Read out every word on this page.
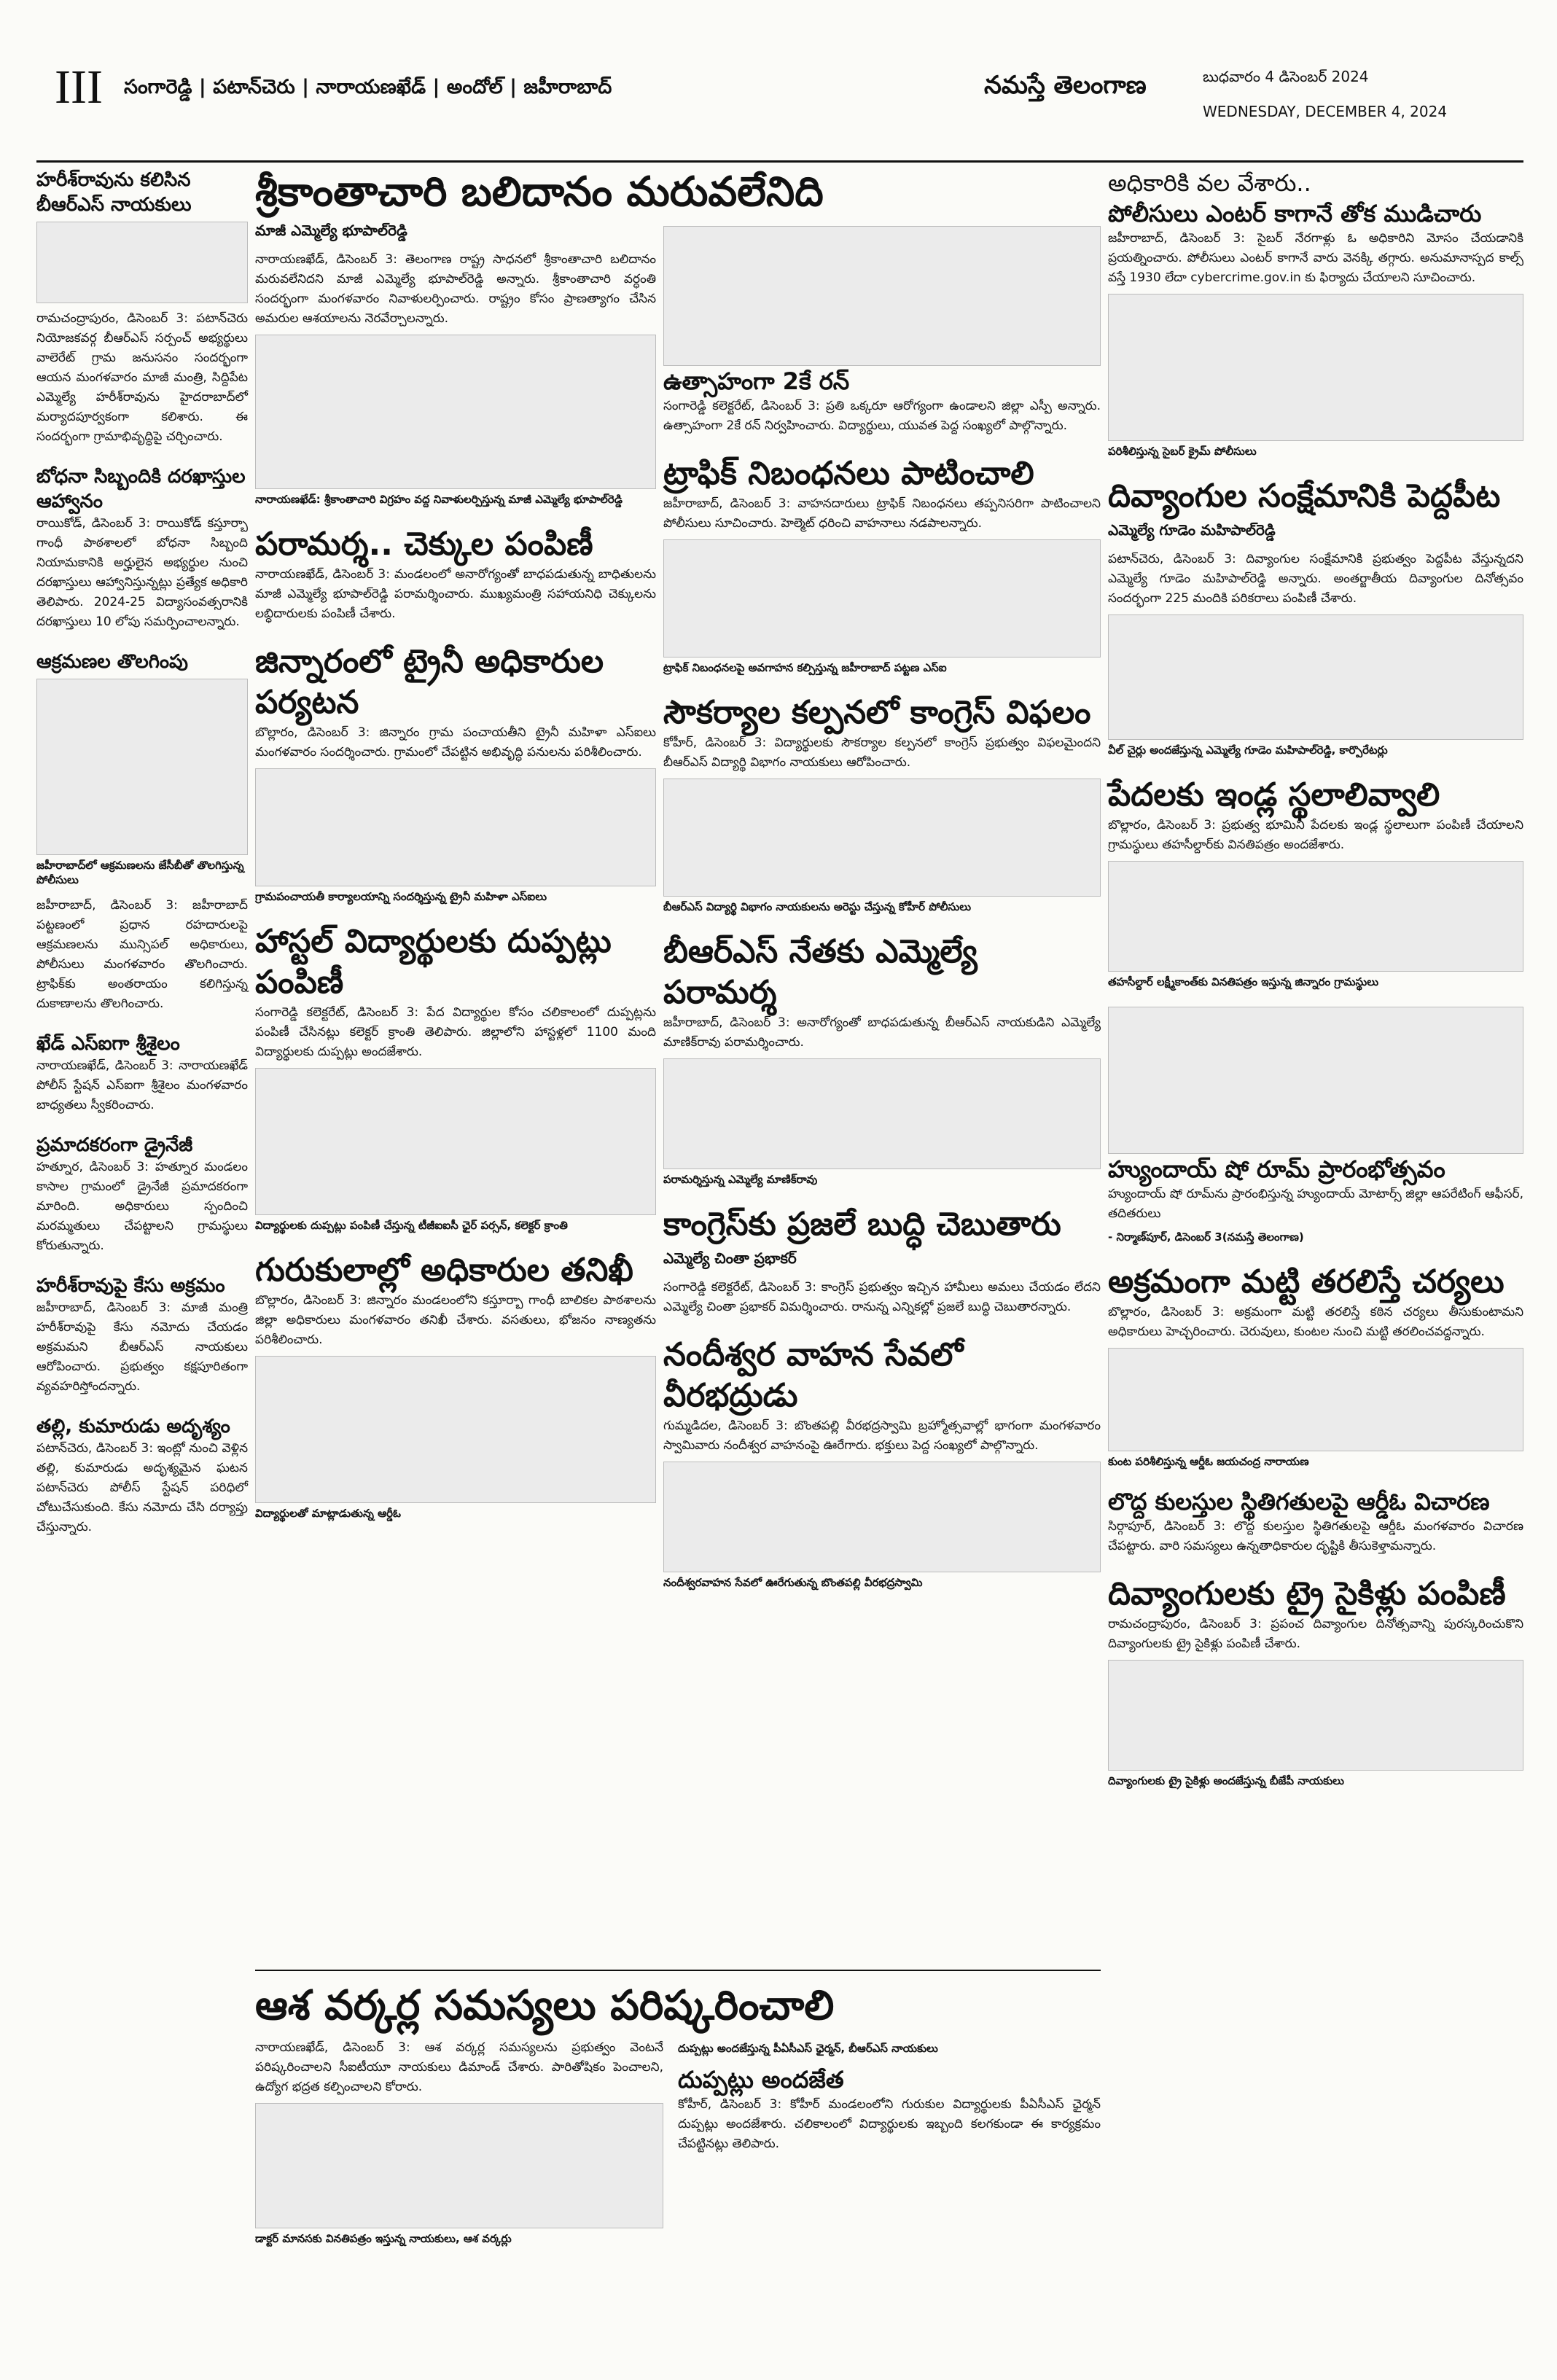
III సంగారెడ్డి | పటాన్‌చెరు | నారాయణఖేడ్ | అందోల్ | జహీరాబాద్	నమస్తే తెలంగాణ	బుధవారం 4 డిసెంబర్ 2024
WEDNESDAY, DECEMBER 4, 2024
హరీశ్‌రావును కలిసిన బీఆర్‌ఎస్ నాయకులు

రామచంద్రాపురం, డిసెంబర్ 3: పటాన్‌చెరు నియోజకవర్గ బీఆర్‌ఎస్ సర్పంచ్ అభ్యర్థులు వాలెరేట్ గ్రామ జనుసనం సందర్భంగా ఆయన మంగళవారం మాజీ మంత్రి, సిద్దిపేట ఎమ్మెల్యే హరీశ్‌రావును హైదరాబాద్‌లో మర్యాదపూర్వకంగా కలిశారు. ఈ సందర్భంగా గ్రామాభివృద్ధిపై చర్చించారు.

బోధనా సిబ్బందికి దరఖాస్తుల ఆహ్వానం

రాయికోడ్, డిసెంబర్ 3: రాయికోడ్ కస్తూర్బా గాంధీ పాఠశాలలో బోధనా సిబ్బంది నియామకానికి అర్హులైన అభ్యర్థుల నుంచి దరఖాస్తులు ఆహ్వానిస్తున్నట్లు ప్రత్యేక అధికారి తెలిపారు. 2024-25 విద్యాసంవత్సరానికి దరఖాస్తులు 10 లోపు సమర్పించాలన్నారు.

ఆక్రమణల తొలగింపు
జహీరాబాద్‌లో ఆక్రమణలను జేసీబీతో తొలగిస్తున్న పోలీసులు

జహీరాబాద్, డిసెంబర్ 3: జహీరాబాద్ పట్టణంలో ప్రధాన రహదారులపై ఆక్రమణలను మున్సిపల్ అధికారులు, పోలీసులు మంగళవారం తొలగించారు. ట్రాఫిక్‌కు అంతరాయం కలిగిస్తున్న దుకాణాలను తొలగించారు.

ఖేడ్ ఎస్‌ఐగా శ్రీశైలం

నారాయణఖేడ్, డిసెంబర్ 3: నారాయణఖేడ్ పోలీస్ స్టేషన్ ఎస్‌ఐగా శ్రీశైలం మంగళవారం బాధ్యతలు స్వీకరించారు.

ప్రమాదకరంగా డ్రైనేజీ

హత్నూర, డిసెంబర్ 3: హత్నూర మండలం కాసాల గ్రామంలో డ్రైనేజీ ప్రమాదకరంగా మారింది. అధికారులు స్పందించి మరమ్మతులు చేపట్టాలని గ్రామస్థులు కోరుతున్నారు.

హరీశ్‌రావుపై కేసు అక్రమం

జహీరాబాద్, డిసెంబర్ 3: మాజీ మంత్రి హరీశ్‌రావుపై కేసు నమోదు చేయడం అక్రమమని బీఆర్‌ఎస్ నాయకులు ఆరోపించారు. ప్రభుత్వం కక్షపూరితంగా వ్యవహరిస్తోందన్నారు.

తల్లి, కుమారుడు అదృశ్యం

పటాన్‌చెరు, డిసెంబర్ 3: ఇంట్లో నుంచి వెళ్లిన తల్లి, కుమారుడు అదృశ్యమైన ఘటన పటాన్‌చెరు పోలీస్ స్టేషన్ పరిధిలో చోటుచేసుకుంది. కేసు నమోదు చేసి దర్యాప్తు చేస్తున్నారు.

శ్రీకాంతాచారి బలిదానం మరువలేనిది
మాజీ ఎమ్మెల్యే భూపాల్‌రెడ్డి

నారాయణఖేడ్, డిసెంబర్ 3: తెలంగాణ రాష్ట్ర సాధనలో శ్రీకాంతాచారి బలిదానం మరువలేనిదని మాజీ ఎమ్మెల్యే భూపాల్‌రెడ్డి అన్నారు. శ్రీకాంతాచారి వర్ధంతి సందర్భంగా మంగళవారం నివాళులర్పించారు. రాష్ట్రం కోసం ప్రాణత్యాగం చేసిన అమరుల ఆశయాలను నెరవేర్చాలన్నారు.

నారాయణఖేడ్: శ్రీకాంతాచారి విగ్రహం వద్ద నివాళులర్పిస్తున్న మాజీ ఎమ్మెల్యే భూపాల్‌రెడ్డి
పరామర్శ.. చెక్కుల పంపిణీ

నారాయణఖేడ్, డిసెంబర్ 3: మండలంలో అనారోగ్యంతో బాధపడుతున్న బాధితులను మాజీ ఎమ్మెల్యే భూపాల్‌రెడ్డి పరామర్శించారు. ముఖ్యమంత్రి సహాయనిధి చెక్కులను లబ్ధిదారులకు పంపిణీ చేశారు.

జిన్నారంలో ట్రైనీ అధికారుల పర్యటన

బొల్లారం, డిసెంబర్ 3: జిన్నారం గ్రామ పంచాయతీని ట్రైనీ మహిళా ఎస్‌ఐలు మంగళవారం సందర్శించారు. గ్రామంలో చేపట్టిన అభివృద్ధి పనులను పరిశీలించారు.

గ్రామపంచాయతీ కార్యాలయాన్ని సందర్శిస్తున్న ట్రైనీ మహిళా ఎస్‌ఐలు
హాస్టల్ విద్యార్థులకు దుప్పట్లు పంపిణీ

సంగారెడ్డి కలెక్టరేట్, డిసెంబర్ 3: పేద విద్యార్థుల కోసం చలికాలంలో దుప్పట్లను పంపిణీ చేసినట్లు కలెక్టర్ క్రాంతి తెలిపారు. జిల్లాలోని హాస్టళ్లలో 1100 మంది విద్యార్థులకు దుప్పట్లు అందజేశారు.

విద్యార్థులకు దుప్పట్లు పంపిణీ చేస్తున్న టీజీఐఐసీ ఛైర్ పర్సన్, కలెక్టర్ క్రాంతి
గురుకులాల్లో అధికారుల తనిఖీ

బొల్లారం, డిసెంబర్ 3: జిన్నారం మండలంలోని కస్తూర్బా గాంధీ బాలికల పాఠశాలను జిల్లా అధికారులు మంగళవారం తనిఖీ చేశారు. వసతులు, భోజనం నాణ్యతను పరిశీలించారు.

విద్యార్థులతో మాట్లాడుతున్న ఆర్డీఓ
ఉత్సాహంగా 2కే రన్

సంగారెడ్డి కలెక్టరేట్, డిసెంబర్ 3: ప్రతి ఒక్కరూ ఆరోగ్యంగా ఉండాలని జిల్లా ఎస్పీ అన్నారు. ఉత్సాహంగా 2కే రన్ నిర్వహించారు. విద్యార్థులు, యువత పెద్ద సంఖ్యలో పాల్గొన్నారు.

ట్రాఫిక్ నిబంధనలు పాటించాలి

జహీరాబాద్, డిసెంబర్ 3: వాహనదారులు ట్రాఫిక్ నిబంధనలు తప్పనిసరిగా పాటించాలని పోలీసులు సూచించారు. హెల్మెట్ ధరించి వాహనాలు నడపాలన్నారు.

ట్రాఫిక్ నిబంధనలపై అవగాహన కల్పిస్తున్న జహీరాబాద్ పట్టణ ఎస్‌ఐ
సౌకర్యాల కల్పనలో కాంగ్రెస్ విఫలం

కోహీర్, డిసెంబర్ 3: విద్యార్థులకు సౌకర్యాల కల్పనలో కాంగ్రెస్ ప్రభుత్వం విఫలమైందని బీఆర్‌ఎస్ విద్యార్థి విభాగం నాయకులు ఆరోపించారు.

బీఆర్‌ఎస్ విద్యార్థి విభాగం నాయకులను అరెస్టు చేస్తున్న కోహీర్ పోలీసులు
బీఆర్‌ఎస్ నేతకు ఎమ్మెల్యే పరామర్శ

జహీరాబాద్, డిసెంబర్ 3: అనారోగ్యంతో బాధపడుతున్న బీఆర్‌ఎస్ నాయకుడిని ఎమ్మెల్యే మాణిక్‌రావు పరామర్శించారు.

పరామర్శిస్తున్న ఎమ్మెల్యే మాణిక్‌రావు
కాంగ్రెస్‌కు ప్రజలే బుద్ధి చెబుతారు
ఎమ్మెల్యే చింతా ప్రభాకర్

సంగారెడ్డి కలెక్టరేట్, డిసెంబర్ 3: కాంగ్రెస్ ప్రభుత్వం ఇచ్చిన హామీలు అమలు చేయడం లేదని ఎమ్మెల్యే చింతా ప్రభాకర్ విమర్శించారు. రానున్న ఎన్నికల్లో ప్రజలే బుద్ధి చెబుతారన్నారు.

నందీశ్వర వాహన సేవలో వీరభద్రుడు

గుమ్మడిదల, డిసెంబర్ 3: బొంతపల్లి వీరభద్రస్వామి బ్రహ్మోత్సవాల్లో భాగంగా మంగళవారం స్వామివారు నందీశ్వర వాహనంపై ఊరేగారు. భక్తులు పెద్ద సంఖ్యలో పాల్గొన్నారు.

నందీశ్వరవాహన సేవలో ఊరేగుతున్న బొంతపల్లి వీరభద్రస్వామి
అధికారికి వల వేశారు..
పోలీసులు ఎంటర్ కాగానే తోక ముడిచారు

జహీరాబాద్, డిసెంబర్ 3: సైబర్ నేరగాళ్లు ఓ అధికారిని మోసం చేయడానికి ప్రయత్నించారు. పోలీసులు ఎంటర్ కాగానే వారు వెనక్కి తగ్గారు. అనుమానాస్పద కాల్స్ వస్తే 1930 లేదా cybercrime.gov.in కు ఫిర్యాదు చేయాలని సూచించారు.

పరిశీలిస్తున్న సైబర్ క్రైమ్ పోలీసులు
దివ్యాంగుల సంక్షేమానికి పెద్దపీట
ఎమ్మెల్యే గూడెం మహిపాల్‌రెడ్డి

పటాన్‌చెరు, డిసెంబర్ 3: దివ్యాంగుల సంక్షేమానికి ప్రభుత్వం పెద్దపీట వేస్తున్నదని ఎమ్మెల్యే గూడెం మహిపాల్‌రెడ్డి అన్నారు. అంతర్జాతీయ దివ్యాంగుల దినోత్సవం సందర్భంగా 225 మందికి పరికరాలు పంపిణీ చేశారు.

వీల్ చైర్లు అందజేస్తున్న ఎమ్మెల్యే గూడెం మహిపాల్‌రెడ్డి, కార్పొరేటర్లు
పేదలకు ఇండ్ల స్థలాలివ్వాలి

బొల్లారం, డిసెంబర్ 3: ప్రభుత్వ భూమిని పేదలకు ఇండ్ల స్థలాలుగా పంపిణీ చేయాలని గ్రామస్థులు తహసీల్దార్‌కు వినతిపత్రం అందజేశారు.

తహసీల్దార్ లక్ష్మీకాంత్‌కు వినతిపత్రం ఇస్తున్న జిన్నారం గ్రామస్థులు
హ్యుందాయ్ షో రూమ్ ప్రారంభోత్సవం

హ్యుందాయ్ షో రూమ్‌ను ప్రారంభిస్తున్న హ్యుందాయ్ మోటార్స్ జిల్లా ఆపరేటింగ్ ఆఫీసర్, తదితరులు

- నిర్మాణ్‌పూర్, డిసెంబర్ 3(నమస్తే తెలంగాణ)
అక్రమంగా మట్టి తరలిస్తే చర్యలు

బొల్లారం, డిసెంబర్ 3: అక్రమంగా మట్టి తరలిస్తే కఠిన చర్యలు తీసుకుంటామని అధికారులు హెచ్చరించారు. చెరువులు, కుంటల నుంచి మట్టి తరలించవద్దన్నారు.

కుంట పరిశీలిస్తున్న ఆర్డీఓ జయచంద్ర నారాయణ
లొద్ద కులస్తుల స్థితిగతులపై ఆర్డీఓ విచారణ

సిర్గాపూర్, డిసెంబర్ 3: లొద్ద కులస్తుల స్థితిగతులపై ఆర్డీఓ మంగళవారం విచారణ చేపట్టారు. వారి సమస్యలు ఉన్నతాధికారుల దృష్టికి తీసుకెళ్తామన్నారు.

దివ్యాంగులకు ట్రై సైకిళ్లు పంపిణీ

రామచంద్రాపురం, డిసెంబర్ 3: ప్రపంచ దివ్యాంగుల దినోత్సవాన్ని పురస్కరించుకొని దివ్యాంగులకు ట్రై సైకిళ్లు పంపిణీ చేశారు.

దివ్యాంగులకు ట్రై సైకిళ్లు అందజేస్తున్న బీజేపీ నాయకులు
ఆశ వర్కర్ల సమస్యలు పరిష్కరించాలి

నారాయణఖేడ్, డిసెంబర్ 3: ఆశ వర్కర్ల సమస్యలను ప్రభుత్వం వెంటనే పరిష్కరించాలని సీఐటీయూ నాయకులు డిమాండ్ చేశారు. పారితోషికం పెంచాలని, ఉద్యోగ భద్రత కల్పించాలని కోరారు.

డాక్టర్ మానసకు వినతిపత్రం ఇస్తున్న నాయకులు, ఆశ వర్కర్లు
దుప్పట్లు అందజేస్తున్న పీఏసీఎస్ ఛైర్మన్, బీఆర్‌ఎస్ నాయకులు
దుప్పట్లు అందజేత

కోహీర్, డిసెంబర్ 3: కోహీర్ మండలంలోని గురుకుల విద్యార్థులకు పీఏసీఎస్ ఛైర్మన్ దుప్పట్లు అందజేశారు. చలికాలంలో విద్యార్థులకు ఇబ్బంది కలగకుండా ఈ కార్యక్రమం చేపట్టినట్లు తెలిపారు.
